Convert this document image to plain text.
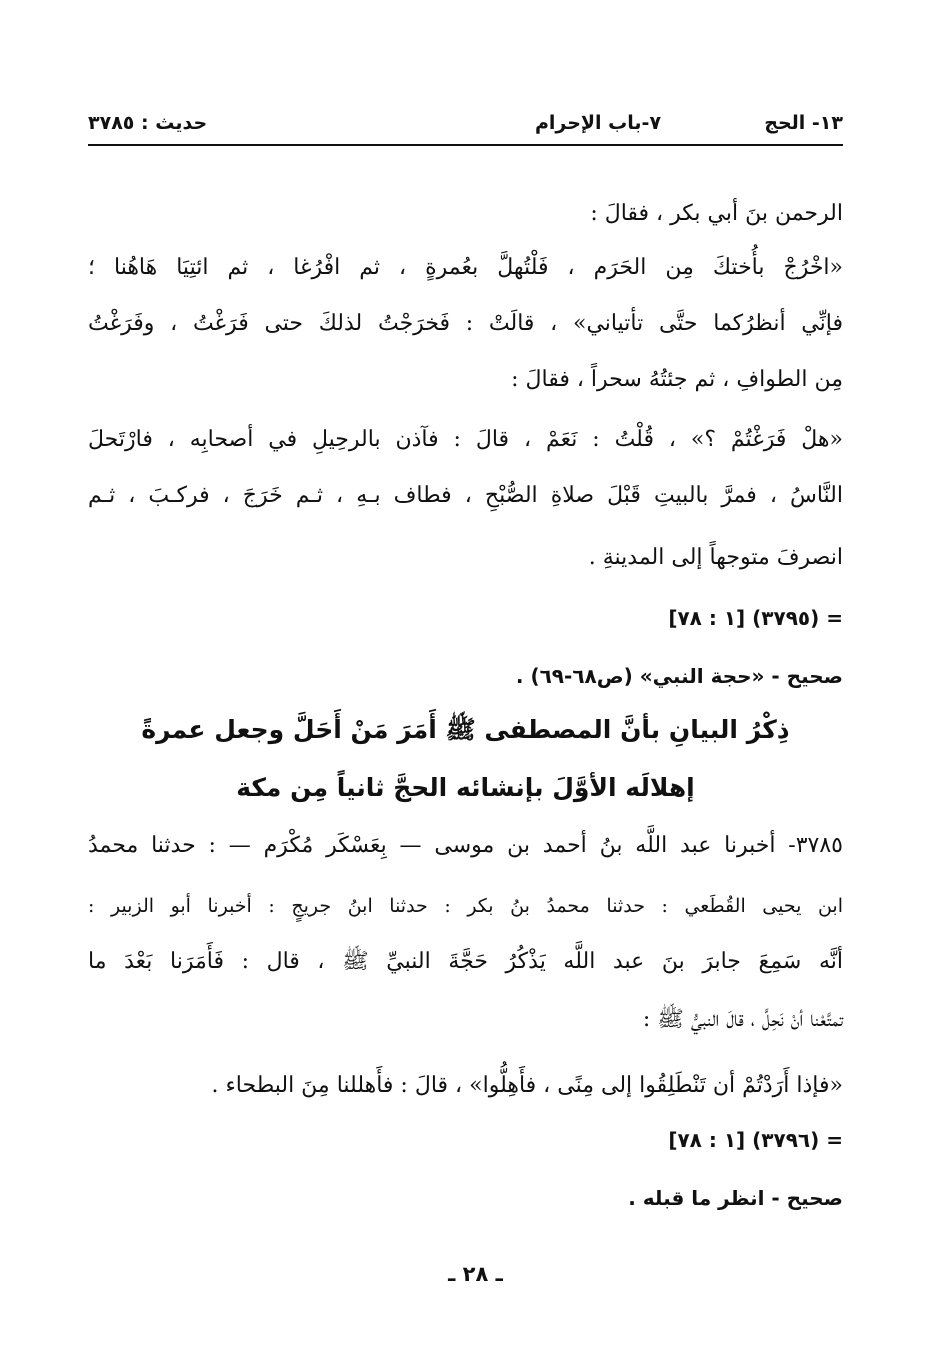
١٣- الحج
٧-باب الإحرام
حديث : ٣٧٨٥
الرحمن بنَ أبي بكر ، فقالَ :
«اخْرُجْ بأُختكَ مِن الحَرَم ، فَلْتُهلَّ بعُمرةٍ ، ثم افْرُغا ، ثم ائتِيَا هَاهُنا ؛
فإنِّي أنظرُكما حتَّى تأتياني» ، قالَتْ : فَخرَجْتُ لذلكَ حتى فَرَغْتُ ، وفَرَغْتُ
مِن الطوافِ ، ثم جئتُهُ سحراً ، فقالَ :
«هلْ فَرَغْتُمْ ؟» ، قُلْتُ : نَعَمْ ، قالَ : فآذن بالرحِيلِ في أصحابِه ، فارْتَحلَ
النَّاسُ ، فمرَّ بالبيتِ قَبْلَ صلاةِ الصُّبْحِ ، فطاف بـهِ ، ثـم خَرَجَ ، فركـبَ ، ثـم
انصرفَ متوجهاً إلى المدينةِ .
= (٣٧٩٥) [١ : ٧٨]
صحيح - «حجة النبي» (ص٦٨-٦٩) .
ذِكْرُ البيانِ بأنَّ المصطفى ﷺ أَمَرَ مَنْ أَحَلَّ وجعل عمرةً
إهلالَه الأوَّلَ بإنشائه الحجَّ ثانياً مِن مكة
٣٧٨٥- أخبرنا عبد اللَّه بنُ أحمد بن موسى — بِعَسْكَر مُكْرَم — : حدثنا محمدُ
ابن يحيى القُطَعي : حدثنا محمدُ بنُ بكر : حدثنا ابنُ جريجٍ : أخبرنا أبو الزبير :
أنَّه سَمِعَ جابرَ بنَ عبد اللَّه يَذْكُرُ حَجَّةَ النبيِّ ﷺ ، قال : فَأَمَرَنا بَعْدَ ما
تمتَّعْنا أنْ نَحِلَّ ، قالَ النبيُّ ﷺ :
«فإذا أَرَدْتُمْ أن تَنْطَلِقُوا إلى مِنًى ، فأَهِلُّوا» ، قالَ : فأَهللنا مِنَ البطحاء .
= (٣٧٩٦) [١ : ٧٨]
صحيح - انظر ما قبله .
ـ ٢٨ ـ
